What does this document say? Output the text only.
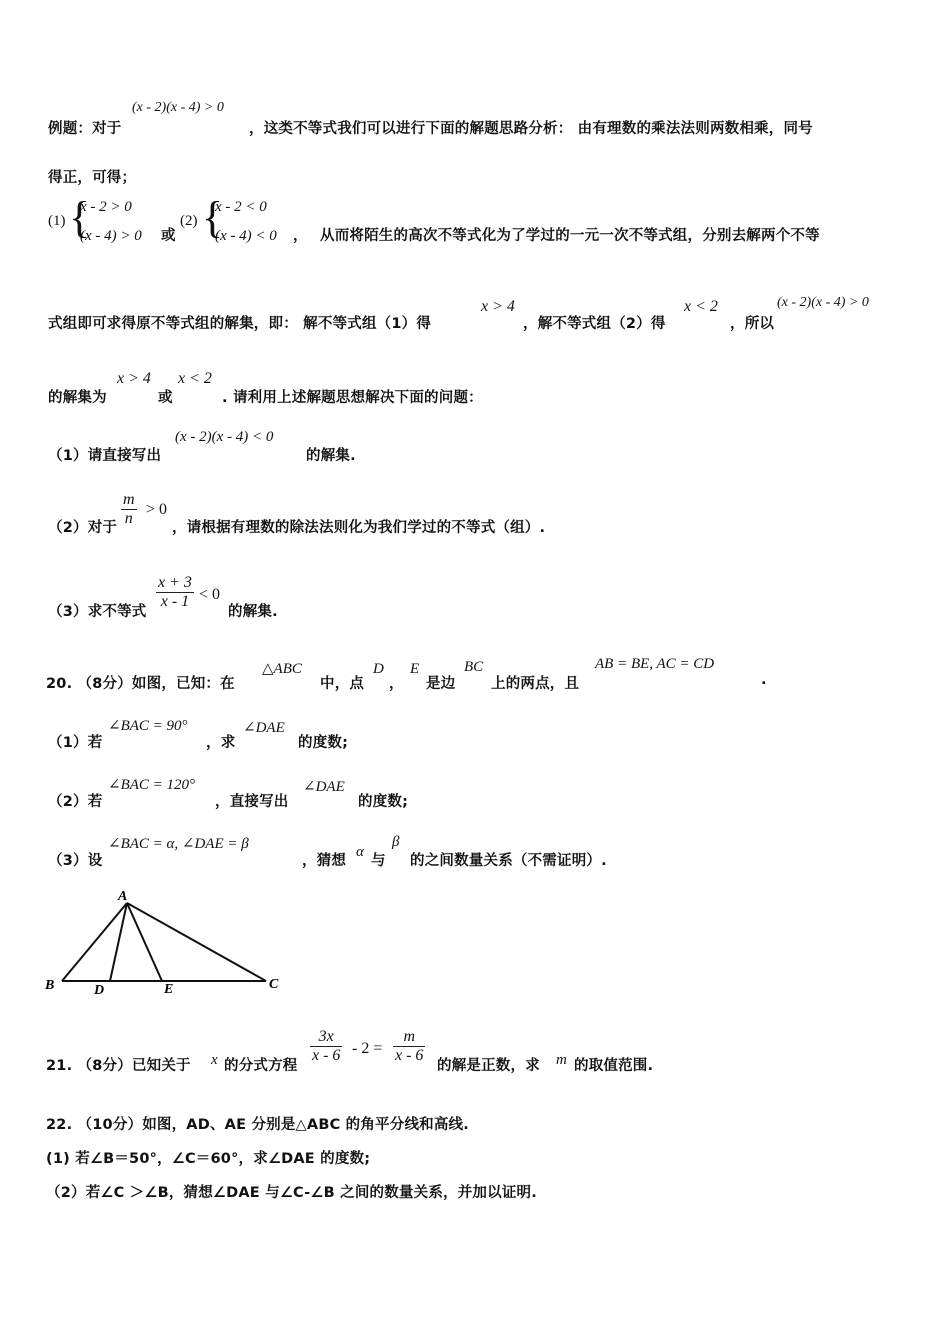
例题：对于
(x - 2)(x - 4) > 0
，这类不等式我们可以进行下面的解题思路分析： 由有理数的乘法法则两数相乘，同号
得正，可得；
(1) {
x - 2 > 0
(x - 4) > 0 或
(2) {
x - 2 < 0
(x - 4) < 0 ， 从而将陌生的高次不等式化为了学过的一元一次不等式组，分别去解两个不等
式组即可求得原不等式组的解集，即： 解不等式组（1）得
x > 4
，解不等式组（2）得
x < 2
，所以
(x - 2)(x - 4) > 0
的解集为
x > 4
或
x < 2
. 请利用上述解题思想解决下面的问题：
（1）请直接写出
(x - 2)(x - 4) < 0
的解集.
（2）对于 $\frac{m}{n} > 0$
，请根据有理数的除法法则化为我们学过的不等式（组）.
（3）求不等式
$\frac{x + 3}{x - 1} < 0$
的解集.
20. （8分）如图，已知：在
△ABC
中，点
D
，
E
是边
BC
上的两点，且
AB = BE, AC = CD
.
（1）若
∠BAC = 90°
，求
∠DAE
的度数;
（2）若
∠BAC = 120°
，直接写出
∠DAE
的度数;
（3）设
∠BAC = α, ∠DAE = β
，猜想
α
与
β
的之间数量关系（不需证明）.
A
B	C
D	E
21. （8分）已知关于 x 的分式方程
$\frac{3x}{x - 6} - 2 = \frac{m}{x - 6}$
的解是正数，求 m 的取值范围.
22. （10分）如图，AD、AE 分别是△ABC 的角平分线和高线.
(1) 若∠B＝50°，∠C＝60°，求∠DAE 的度数;
（2）若∠C ＞∠B，猜想∠DAE 与∠C-∠B 之间的数量关系，并加以证明.
